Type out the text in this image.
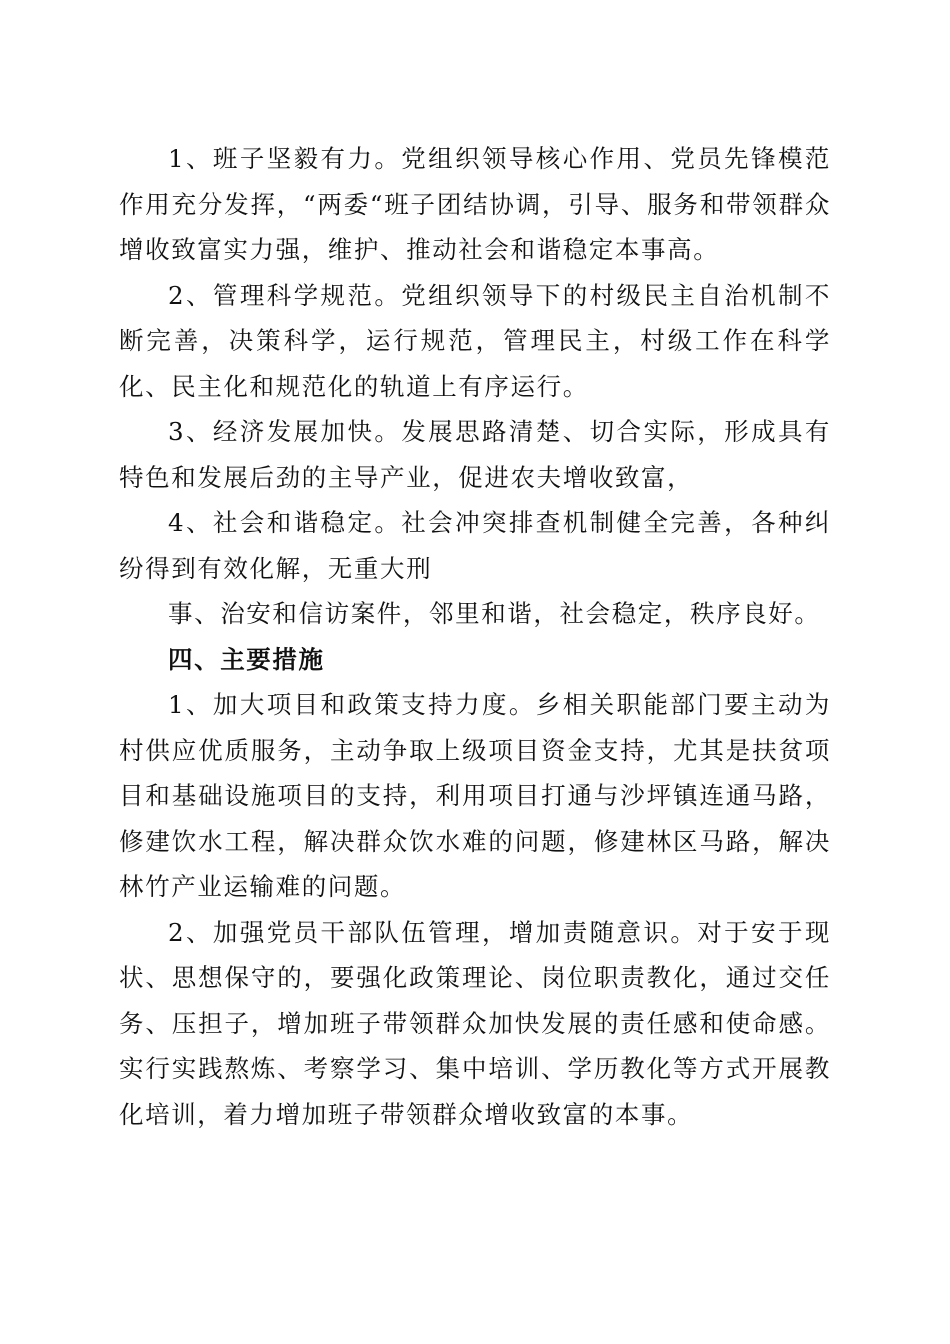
1、班子坚毅有力。党组织领导核心作用、党员先锋模范作用充分发挥，“两委“班子团结协调，引导、服务和带领群众增收致富实力强，维护、推动社会和谐稳定本事高。

2、管理科学规范。党组织领导下的村级民主自治机制不断完善，决策科学，运行规范，管理民主，村级工作在科学化、民主化和规范化的轨道上有序运行。

3、经济发展加快。发展思路清楚、切合实际，形成具有特色和发展后劲的主导产业，促进农夫增收致富，

4、社会和谐稳定。社会冲突排查机制健全完善，各种纠纷得到有效化解，无重大刑

事、治安和信访案件，邻里和谐，社会稳定，秩序良好。

四、主要措施

1、加大项目和政策支持力度。乡相关职能部门要主动为村供应优质服务，主动争取上级项目资金支持，尤其是扶贫项目和基础设施项目的支持，利用项目打通与沙坪镇连通马路，修建饮水工程，解决群众饮水难的问题，修建林区马路，解决林竹产业运输难的问题。

2、加强党员干部队伍管理，增加责随意识。对于安于现状、思想保守的，要强化政策理论、岗位职责教化，通过交任务、压担子，增加班子带领群众加快发展的责任感和使命感。实行实践熬炼、考察学习、集中培训、学历教化等方式开展教化培训，着力增加班子带领群众增收致富的本事。
